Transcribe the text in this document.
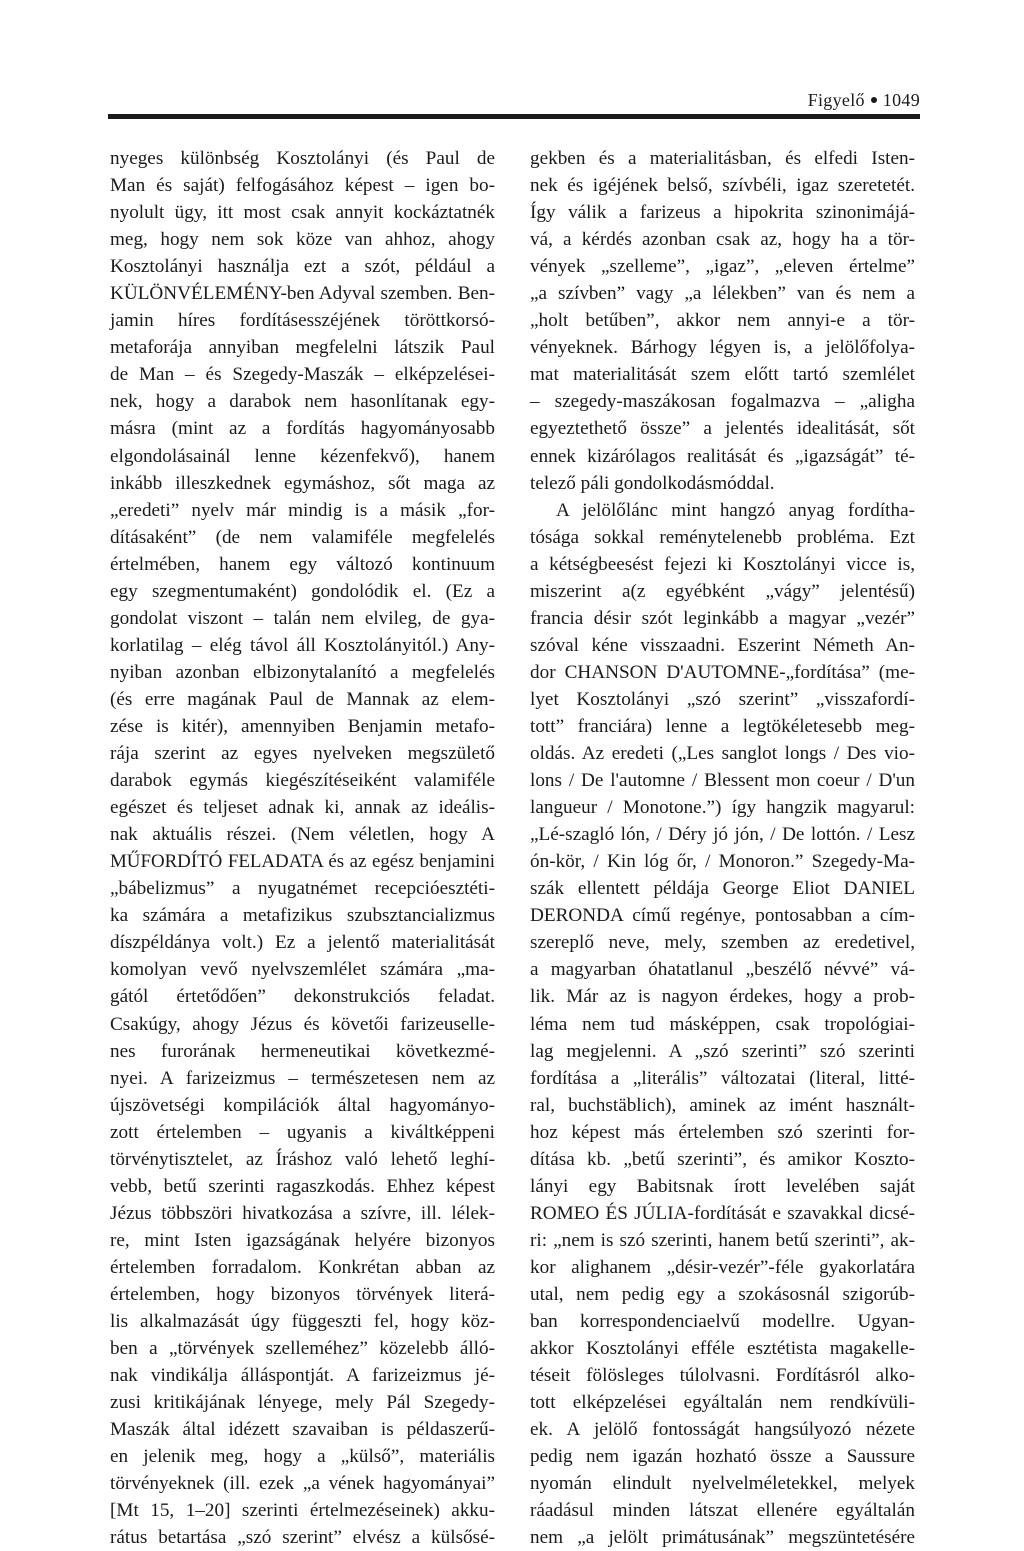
Figyelő 1049
nyeges különbség Kosztolányi (és Paul de
Man és saját) felfogásához képest – igen bo-
nyolult ügy, itt most csak annyit kockáztatnék
meg, hogy nem sok köze van ahhoz, ahogy
Kosztolányi használja ezt a szót, például a
KÜLÖNVÉLEMÉNY-ben Adyval szemben. Ben-
jamin híres fordításesszéjének töröttkorsó-
metaforája annyiban megfelelni látszik Paul
de Man – és Szegedy-Maszák – elképzelései-
nek, hogy a darabok nem hasonlítanak egy-
másra (mint az a fordítás hagyományosabb
elgondolásainál lenne kézenfekvő), hanem
inkább illeszkednek egymáshoz, sőt maga az
„eredeti” nyelv már mindig is a másik „for-
dításaként” (de nem valamiféle megfelelés
értelmében, hanem egy változó kontinuum
egy szegmentumaként) gondolódik el. (Ez a
gondolat viszont – talán nem elvileg, de gya-
korlatilag – elég távol áll Kosztolányitól.) Any-
nyiban azonban elbizonytalanító a megfelelés
(és erre magának Paul de Mannak az elem-
zése is kitér), amennyiben Benjamin metafo-
rája szerint az egyes nyelveken megszülető
darabok egymás kiegészítéseiként valamiféle
egészet és teljeset adnak ki, annak az ideális-
nak aktuális részei. (Nem véletlen, hogy A
MŰFORDÍTÓ FELADATA és az egész benjamini
„bábelizmus” a nyugatnémet recepcióesztéti-
ka számára a metafizikus szubsztancializmus
díszpéldánya volt.) Ez a jelentő materialitását
komolyan vevő nyelvszemlélet számára „ma-
gától értetődően” dekonstrukciós feladat.
Csakúgy, ahogy Jézus és követői farizeuselle-
nes furorának hermeneutikai következmé-
nyei. A farizeizmus – természetesen nem az
újszövetségi kompilációk által hagyományo-
zott értelemben – ugyanis a kiváltképpeni
törvénytisztelet, az Íráshoz való lehető leghí-
vebb, betű szerinti ragaszkodás. Ehhez képest
Jézus többszöri hivatkozása a szívre, ill. lélek-
re, mint Isten igazságának helyére bizonyos
értelemben forradalom. Konkrétan abban az
értelemben, hogy bizonyos törvények literá-
lis alkalmazását úgy függeszti fel, hogy köz-
ben a „törvények szelleméhez” közelebb álló-
nak vindikálja álláspontját. A farizeizmus jé-
zusi kritikájának lényege, mely Pál Szegedy-
Maszák által idézett szavaiban is példaszerű-
en jelenik meg, hogy a „külső”, materiális
törvényeknek (ill. ezek „a vének hagyományai”
[Mt 15, 1–20] szerinti értelmezéseinek) akku-
rátus betartása „szó szerint” elvész a külsősé-
gekben és a materialitásban, és elfedi Isten-
nek és igéjének belső, szívbéli, igaz szeretetét.
Így válik a farizeus a hipokrita szinonimájá-
vá, a kérdés azonban csak az, hogy ha a tör-
vények „szelleme”, „igaz”, „eleven értelme”
„a szívben” vagy „a lélekben” van és nem a
„holt betűben”, akkor nem annyi-e a tör-
vényeknek. Bárhogy légyen is, a jelölőfolya-
mat materialitását szem előtt tartó szemlélet
– szegedy-maszákosan fogalmazva – „aligha
egyeztethető össze” a jelentés idealitását, sőt
ennek kizárólagos realitását és „igazságát” té-
telező páli gondolkodásmóddal.
A jelölőlánc mint hangzó anyag fordítha-
tósága sokkal reménytelenebb probléma. Ezt
a kétségbeesést fejezi ki Kosztolányi vicce is,
miszerint a(z egyébként „vágy” jelentésű)
francia désir szót leginkább a magyar „vezér”
szóval kéne visszaadni. Eszerint Németh An-
dor CHANSON D'AUTOMNE-„fordítása” (me-
lyet Kosztolányi „szó szerint” „visszafordí-
tott” franciára) lenne a legtökéletesebb meg-
oldás. Az eredeti („Les sanglot longs / Des vio-
lons / De l'automne / Blessent mon coeur / D'un
langueur / Monotone.”) így hangzik magyarul:
„Lé-szagló lón, / Déry jó jón, / De lottón. / Lesz
ón-kör, / Kin lóg őr, / Monoron.” Szegedy-Ma-
szák ellentett példája George Eliot DANIEL
DERONDA című regénye, pontosabban a cím-
szereplő neve, mely, szemben az eredetivel,
a magyarban óhatatlanul „beszélő névvé” vá-
lik. Már az is nagyon érdekes, hogy a prob-
léma nem tud másképpen, csak tropológiai-
lag megjelenni. A „szó szerinti” szó szerinti
fordítása a „literális” változatai (literal, litté-
ral, buchstäblich), aminek az imént használt-
hoz képest más értelemben szó szerinti for-
dítása kb. „betű szerinti”, és amikor Koszto-
lányi egy Babitsnak írott levelében saját
ROMEO ÉS JÚLIA-fordítását e szavakkal dicsé-
ri: „nem is szó szerinti, hanem betű szerinti”, ak-
kor alighanem „désir-vezér”-féle gyakorlatára
utal, nem pedig egy a szokásosnál szigorúb-
ban korrespondenciaelvű modellre. Ugyan-
akkor Kosztolányi efféle esztétista magakelle-
téseit fölösleges túlolvasni. Fordításról alko-
tott elképzelései egyáltalán nem rendkívüli-
ek. A jelölő fontosságát hangsúlyozó nézete
pedig nem igazán hozható össze a Saussure
nyomán elindult nyelvelméletekkel, melyek
ráadásul minden látszat ellenére egyáltalán
nem „a jelölt primátusának” megszüntetésére
